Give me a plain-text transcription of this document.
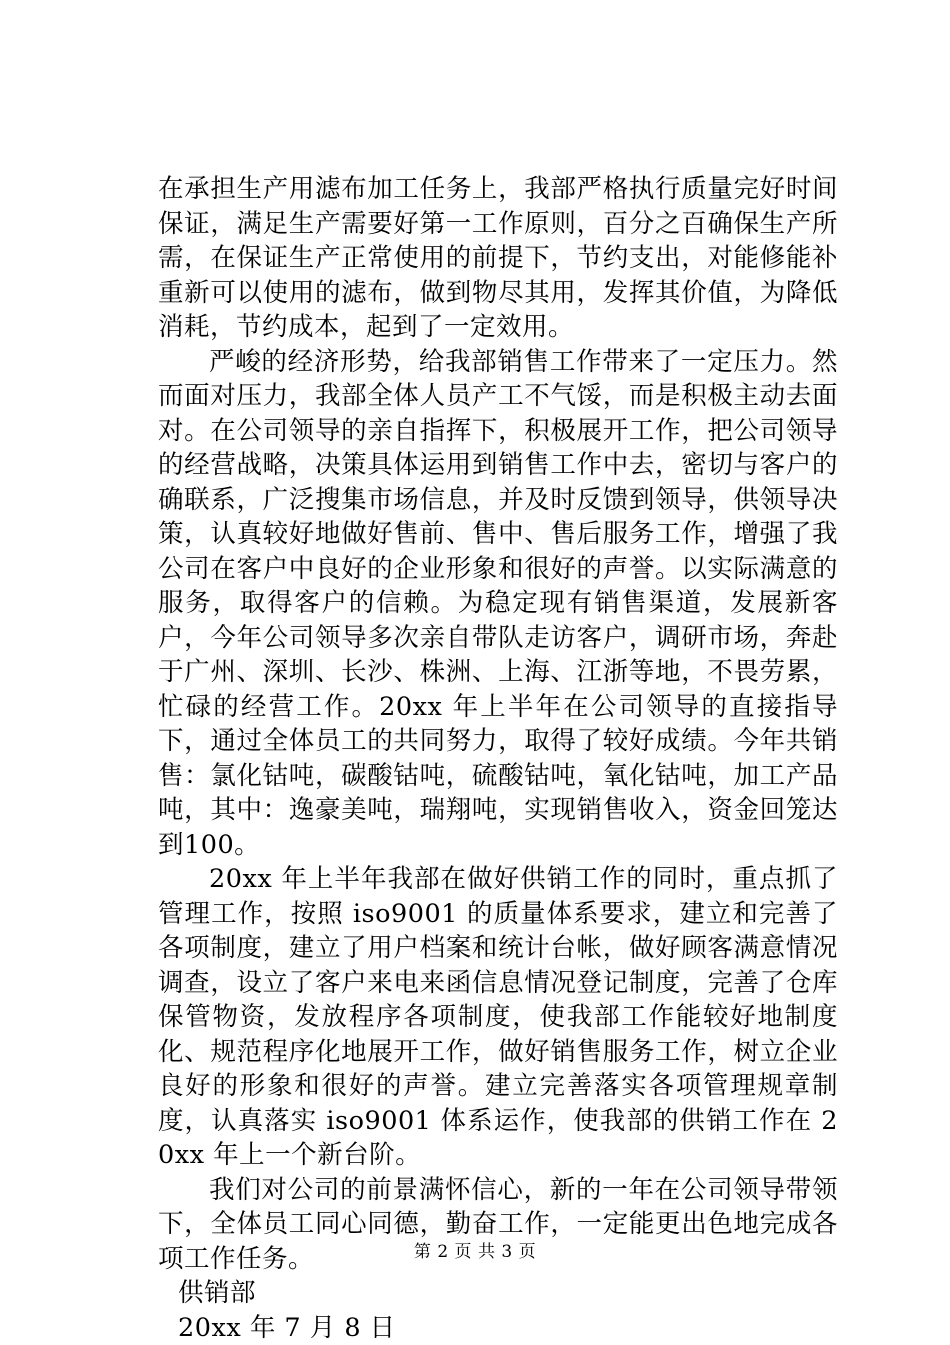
在承担生产用滤布加工任务上，我部严格执行质量完好时间保证，满足生产需要好第一工作原则，百分之百确保生产所需，在保证生产正常使用的前提下，节约支出，对能修能补重新可以使用的滤布，做到物尽其用，发挥其价值，为降低消耗，节约成本，起到了一定效用。

严峻的经济形势，给我部销售工作带来了一定压力。然而面对压力，我部全体人员产工不气馁，而是积极主动去面对。在公司领导的亲自指挥下，积极展开工作，把公司领导的经营战略，决策具体运用到销售工作中去，密切与客户的确联系，广泛搜集市场信息，并及时反馈到领导，供领导决策，认真较好地做好售前、售中、售后服务工作，增强了我公司在客户中良好的企业形象和很好的声誉。以实际满意的服务，取得客户的信赖。为稳定现有销售渠道，发展新客户，今年公司领导多次亲自带队走访客户，调研市场，奔赴于广州、深圳、长沙、株洲、上海、江浙等地，不畏劳累，忙碌的经营工作。20xx 年上半年在公司领导的直接指导下，通过全体员工的共同努力，取得了较好成绩。今年共销售：氯化钴吨，碳酸钴吨，硫酸钴吨，氧化钴吨，加工产品吨，其中：逸豪美吨，瑞翔吨，实现销售收入，资金回笼达到100。

20xx 年上半年我部在做好供销工作的同时，重点抓了管理工作，按照 iso9001 的质量体系要求，建立和完善了各项制度，建立了用户档案和统计台帐，做好顾客满意情况调查，设立了客户来电来函信息情况登记制度，完善了仓库保管物资，发放程序各项制度，使我部工作能较好地制度化、规范程序化地展开工作，做好销售服务工作，树立企业良好的形象和很好的声誉。建立完善落实各项管理规章制度，认真落实 iso9001 体系运作，使我部的供销工作在 20xx 年上一个新台阶。

我们对公司的前景满怀信心，新的一年在公司领导带领下，全体员工同心同德，勤奋工作，一定能更出色地完成各项工作任务。

供销部

20xx 年 7 月 8 日

第 2 页 共 3 页
